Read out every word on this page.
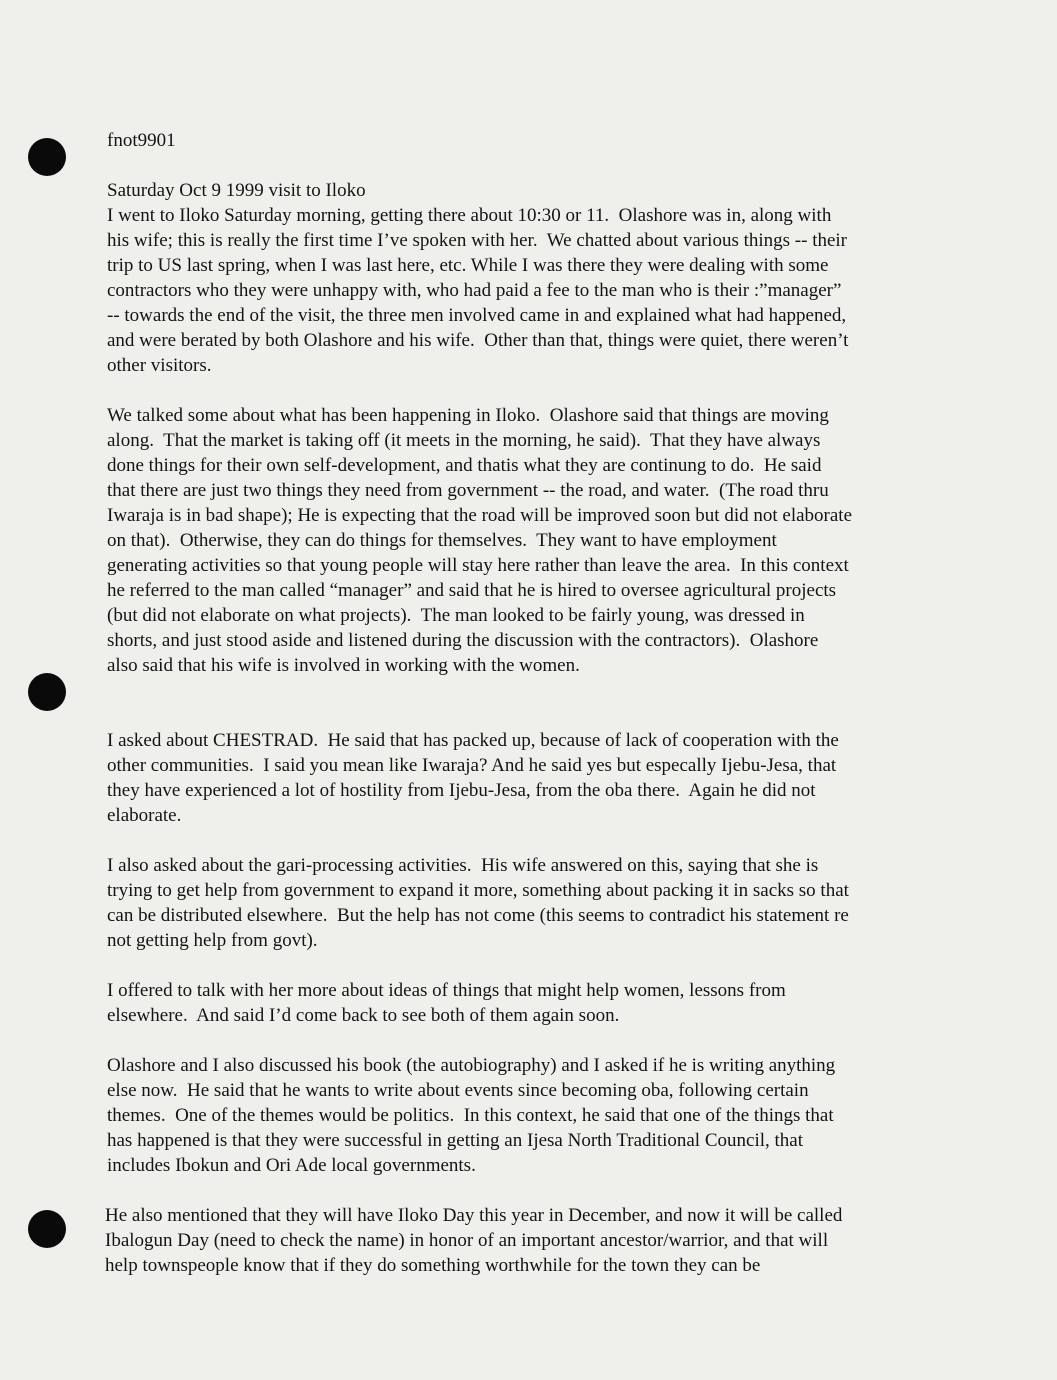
fnot9901
Saturday Oct 9 1999 visit to Iloko
I went to Iloko Saturday morning, getting there about 10:30 or 11.  Olashore was in, along with
his wife; this is really the first time I’ve spoken with her.  We chatted about various things -- their
trip to US last spring, when I was last here, etc. While I was there they were dealing with some
contractors who they were unhappy with, who had paid a fee to the man who is their :”manager”
-- towards the end of the visit, the three men involved came in and explained what had happened,
and were berated by both Olashore and his wife.  Other than that, things were quiet, there weren’t
other visitors.
We talked some about what has been happening in Iloko.  Olashore said that things are moving
along.  That the market is taking off (it meets in the morning, he said).  That they have always
done things for their own self-development, and thatis what they are continung to do.  He said
that there are just two things they need from government -- the road, and water.  (The road thru
Iwaraja is in bad shape); He is expecting that the road will be improved soon but did not elaborate
on that).  Otherwise, they can do things for themselves.  They want to have employment
generating activities so that young people will stay here rather than leave the area.  In this context
he referred to the man called “manager” and said that he is hired to oversee agricultural projects
(but did not elaborate on what projects).  The man looked to be fairly young, was dressed in
shorts, and just stood aside and listened during the discussion with the contractors).  Olashore
also said that his wife is involved in working with the women.
I asked about CHESTRAD.  He said that has packed up, because of lack of cooperation with the
other communities.  I said you mean like Iwaraja? And he said yes but especally Ijebu-Jesa, that
they have experienced a lot of hostility from Ijebu-Jesa, from the oba there.  Again he did not
elaborate.
I also asked about the gari-processing activities.  His wife answered on this, saying that she is
trying to get help from government to expand it more, something about packing it in sacks so that
can be distributed elsewhere.  But the help has not come (this seems to contradict his statement re
not getting help from govt).
I offered to talk with her more about ideas of things that might help women, lessons from
elsewhere.  And said I’d come back to see both of them again soon.
Olashore and I also discussed his book (the autobiography) and I asked if he is writing anything
else now.  He said that he wants to write about events since becoming oba, following certain
themes.  One of the themes would be politics.  In this context, he said that one of the things that
has happened is that they were successful in getting an Ijesa North Traditional Council, that
includes Ibokun and Ori Ade local governments.
He also mentioned that they will have Iloko Day this year in December, and now it will be called
Ibalogun Day (need to check the name) in honor of an important ancestor/warrior, and that will
help townspeople know that if they do something worthwhile for the town they can be
